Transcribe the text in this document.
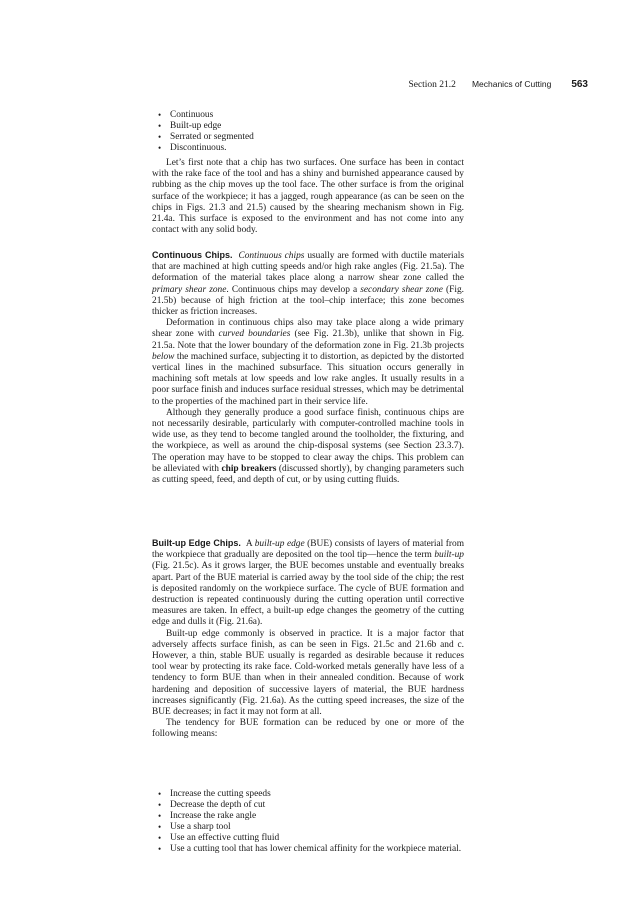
Section 21.2 Mechanics of Cutting 563
• Continuous
• Built-up edge
• Serrated or segmented
• Discontinuous.

Let’s first note that a chip has two surfaces. One surface has been in contact with the rake face of the tool and has a shiny and burnished appearance caused by rubbing as the chip moves up the tool face. The other surface is from the original surface of the workpiece; it has a jagged, rough appearance (as can be seen on the chips in Figs. 21.3 and 21.5) caused by the shearing mechanism shown in Fig. 21.4a. This surface is exposed to the environment and has not come into any contact with any solid body.

Continuous Chips. Continuous chips usually are formed with ductile materials that are machined at high cutting speeds and/or high rake angles (Fig. 21.5a). The deformation of the material takes place along a narrow shear zone called the primary shear zone. Continuous chips may develop a secondary shear zone (Fig. 21.5b) because of high friction at the tool–chip interface; this zone becomes thicker as friction increases.

Deformation in continuous chips also may take place along a wide primary shear zone with curved boundaries (see Fig. 21.3b), unlike that shown in Fig. 21.5a. Note that the lower boundary of the deformation zone in Fig. 21.3b projects below the machined surface, subjecting it to distortion, as depicted by the distorted vertical lines in the machined subsurface. This situation occurs generally in machining soft metals at low speeds and low rake angles. It usually results in a poor surface finish and induces surface residual stresses, which may be detrimental to the properties of the machined part in their service life.

Although they generally produce a good surface finish, continuous chips are not necessarily desirable, particularly with computer-controlled machine tools in wide use, as they tend to become tangled around the toolholder, the fixturing, and the workpiece, as well as around the chip-disposal systems (see Section 23.3.7). The operation may have to be stopped to clear away the chips. This problem can be alleviated with chip breakers (discussed shortly), by changing parameters such as cutting speed, feed, and depth of cut, or by using cutting fluids.

Built-up Edge Chips. A built-up edge (BUE) consists of layers of material from the workpiece that gradually are deposited on the tool tip—hence the term built-up (Fig. 21.5c). As it grows larger, the BUE becomes unstable and eventually breaks apart. Part of the BUE material is carried away by the tool side of the chip; the rest is deposited randomly on the workpiece surface. The cycle of BUE formation and destruction is repeated continuously during the cutting operation until corrective measures are taken. In effect, a built-up edge changes the geometry of the cutting edge and dulls it (Fig. 21.6a).

Built-up edge commonly is observed in practice. It is a major factor that adversely affects surface finish, as can be seen in Figs. 21.5c and 21.6b and c. However, a thin, stable BUE usually is regarded as desirable because it reduces tool wear by protecting its rake face. Cold-worked metals generally have less of a tendency to form BUE than when in their annealed condition. Because of work hardening and deposition of successive layers of material, the BUE hardness increases significantly (Fig. 21.6a). As the cutting speed increases, the size of the BUE decreases; in fact it may not form at all.

The tendency for BUE formation can be reduced by one or more of the following means:

• Increase the cutting speeds
• Decrease the depth of cut
• Increase the rake angle
• Use a sharp tool
• Use an effective cutting fluid
• Use a cutting tool that has lower chemical affinity for the workpiece material.
